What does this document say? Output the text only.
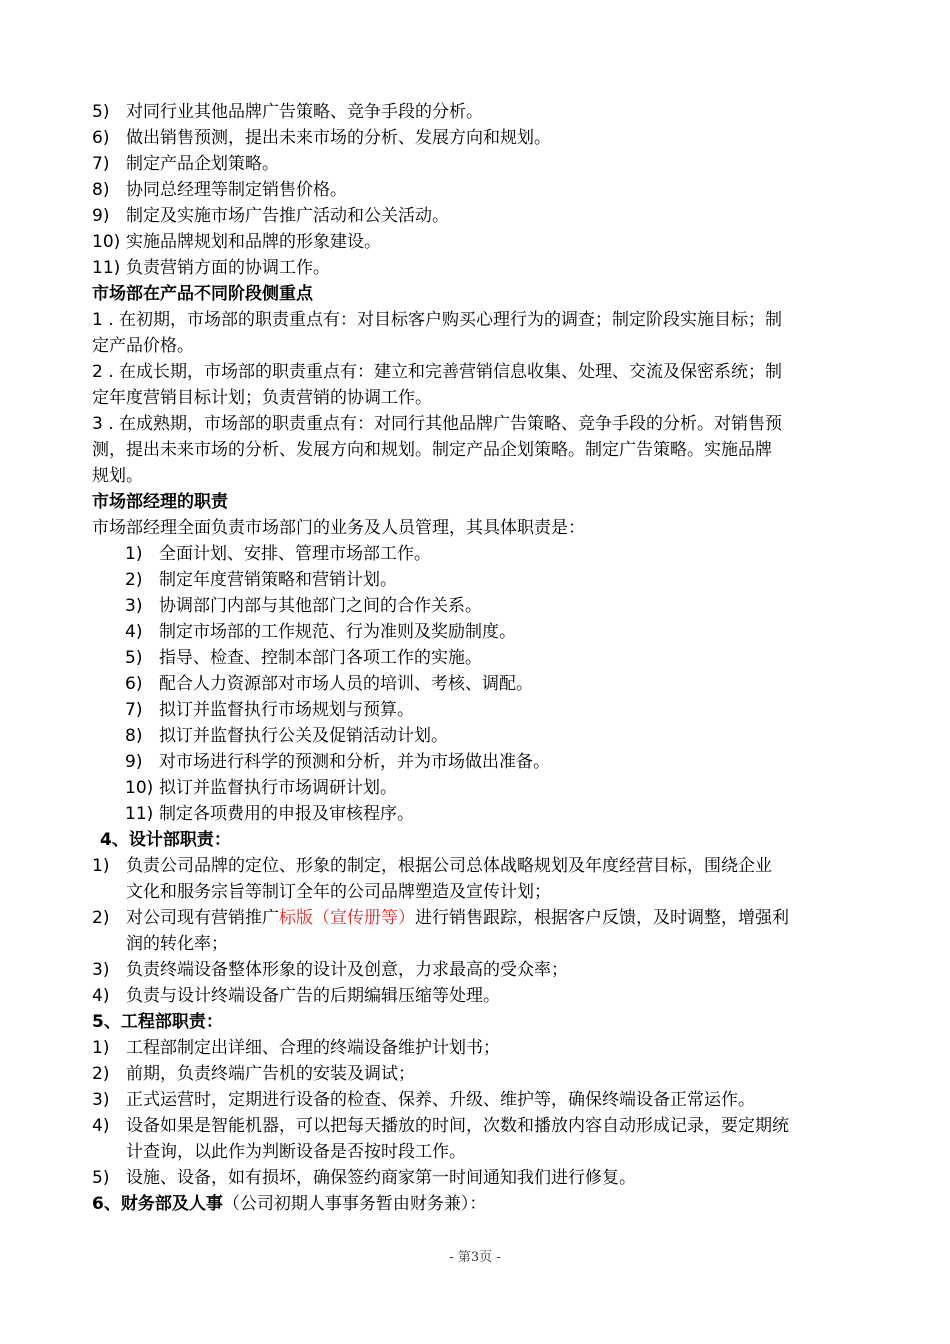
5) 对同行业其他品牌广告策略、竞争手段的分析。
6) 做出销售预测，提出未来市场的分析、发展方向和规划。
7) 制定产品企划策略。
8) 协同总经理等制定销售价格。
9) 制定及实施市场广告推广活动和公关活动。
10) 实施品牌规划和品牌的形象建设。
11) 负责营销方面的协调工作。
市场部在产品不同阶段侧重点
1 . 在初期，市场部的职责重点有：对目标客户购买心理行为的调查；制定阶段实施目标；制
定产品价格。
2 . 在成长期，市场部的职责重点有：建立和完善营销信息收集、处理、交流及保密系统；制
定年度营销目标计划；负责营销的协调工作。
3 . 在成熟期，市场部的职责重点有：对同行其他品牌广告策略、竞争手段的分析。对销售预
测，提出未来市场的分析、发展方向和规划。制定产品企划策略。制定广告策略。实施品牌
规划。
市场部经理的职责
市场部经理全面负责市场部门的业务及人员管理，其具体职责是：
1) 全面计划、安排、管理市场部工作。
2) 制定年度营销策略和营销计划。
3) 协调部门内部与其他部门之间的合作关系。
4) 制定市场部的工作规范、行为准则及奖励制度。
5) 指导、检查、控制本部门各项工作的实施。
6) 配合人力资源部对市场人员的培训、考核、调配。
7) 拟订并监督执行市场规划与预算。
8) 拟订并监督执行公关及促销活动计划。
9) 对市场进行科学的预测和分析，并为市场做出准备。
10) 拟订并监督执行市场调研计划。
11) 制定各项费用的申报及审核程序。
4、设计部职责：
1) 负责公司品牌的定位、形象的制定，根据公司总体战略规划及年度经营目标，围绕企业
文化和服务宗旨等制订全年的公司品牌塑造及宣传计划；
2) 对公司现有营销推广标版（宣传册等）进行销售跟踪，根据客户反馈，及时调整，增强利
润的转化率；
3) 负责终端设备整体形象的设计及创意，力求最高的受众率；
4) 负责与设计终端设备广告的后期编辑压缩等处理。
5、工程部职责：
1) 工程部制定出详细、合理的终端设备维护计划书；
2) 前期，负责终端广告机的安装及调试；
3) 正式运营时，定期进行设备的检查、保养、升级、维护等，确保终端设备正常运作。
4) 设备如果是智能机器，可以把每天播放的时间，次数和播放内容自动形成记录，要定期统
计查询，以此作为判断设备是否按时段工作。
5) 设施、设备，如有损坏，确保签约商家第一时间通知我们进行修复。
6、财务部及人事（公司初期人事事务暂由财务兼）：
- 第3页 -
